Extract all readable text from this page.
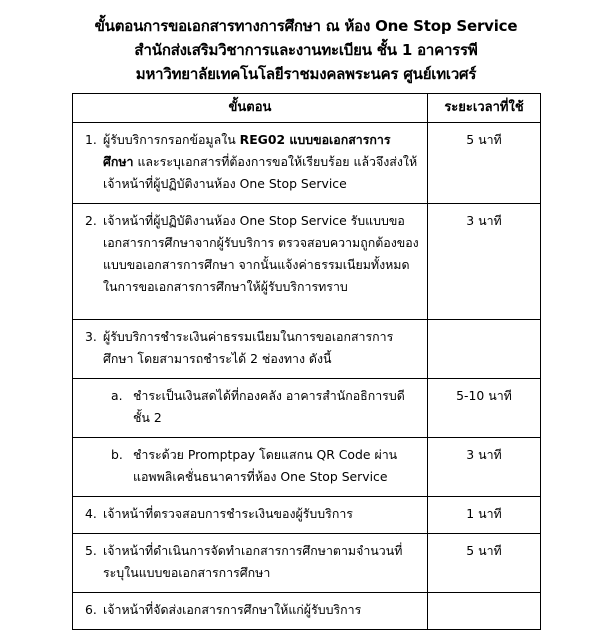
ขั้นตอนการขอเอกสารทางการศึกษา ณ ห้อง One Stop Service
สำนักส่งเสริมวิชาการและงานทะเบียน ชั้น 1 อาคารรพี
มหาวิทยาลัยเทคโนโลยีราชมงคลพระนคร ศูนย์เทเวศร์
ขั้นตอน	ระยะเวลาที่ใช้

1. ผู้รับบริการกรอกข้อมูลใน REG02 แบบขอเอกสารการศึกษา และระบุเอกสารที่ต้องการขอให้เรียบร้อย แล้วจึงส่งให้เจ้าหน้าที่ผู้ปฏิบัติงานห้อง One Stop Service	5 นาที

2. เจ้าหน้าที่ผู้ปฏิบัติงานห้อง One Stop Service รับแบบขอเอกสารการศึกษาจากผู้รับบริการ ตรวจสอบความถูกต้องของแบบขอเอกสารการศึกษา จากนั้นแจ้งค่าธรรมเนียมทั้งหมดในการขอเอกสารการศึกษาให้ผู้รับบริการทราบ	3 นาที

3. ผู้รับบริการชำระเงินค่าธรรมเนียมในการขอเอกสารการศึกษา โดยสามารถชำระได้ 2 ช่องทาง ดังนี้	

a. ชำระเป็นเงินสดได้ที่กองคลัง อาคารสำนักอธิการบดี ชั้น 2	5-10 นาที

b. ชำระด้วย Promptpay โดยแสกน QR Code ผ่านแอพพลิเคชั่นธนาคารที่ห้อง One Stop Service	3 นาที

4. เจ้าหน้าที่ตรวจสอบการชำระเงินของผู้รับบริการ	1 นาที

5. เจ้าหน้าที่ดำเนินการจัดทำเอกสารการศึกษาตามจำนวนที่ระบุในแบบขอเอกสารการศึกษา	5 นาที

6. เจ้าหน้าที่จัดส่งเอกสารการศึกษาให้แก่ผู้รับบริการ	
